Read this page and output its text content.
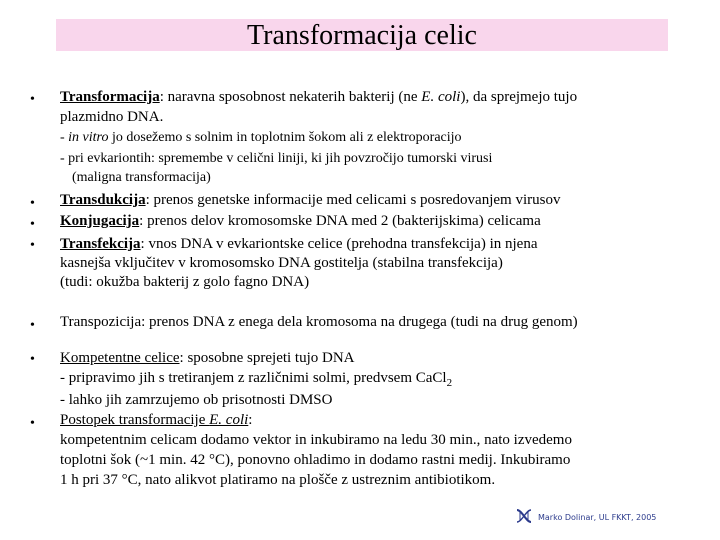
Transformacija celic
• Transformacija: naravna sposobnost nekaterih bakterij (ne E. coli), da sprejmejo tujo
plazmidno DNA.
- in vitro jo dosežemo s solnim in toplotnim šokom ali z elektroporacijo
- pri evkariontih: spremembe v celični liniji, ki jih povzročijo tumorski virusi
(maligna transformacija)
• Transdukcija: prenos genetske informacije med celicami s posredovanjem virusov
• Konjugacija: prenos delov kromosomske DNA med 2 (bakterijskima) celicama
• Transfekcija: vnos DNA v evkariontske celice (prehodna transfekcija) in njena
kasnejša vključitev v kromosomsko DNA gostitelja (stabilna transfekcija)
(tudi: okužba bakterij z golo fagno DNA)
• Transpozicija: prenos DNA z enega dela kromosoma na drugega (tudi na drug genom)
• Kompetentne celice: sposobne sprejeti tujo DNA
- pripravimo jih s tretiranjem z različnimi solmi, predvsem CaCl$_2$
- lahko jih zamrzujemo ob prisotnosti DMSO
• Postopek transformacije E. coli:
kompetentnim celicam dodamo vektor in inkubiramo na ledu 30 min., nato izvedemo
toplotni šok (~1 min. 42 °C), ponovno ohladimo in dodamo rastni medij. Inkubiramo
1 h pri 37 °C, nato alikvot platiramo na plošče z ustreznim antibiotikom.
Marko Dolinar, UL FKKT, 2005
